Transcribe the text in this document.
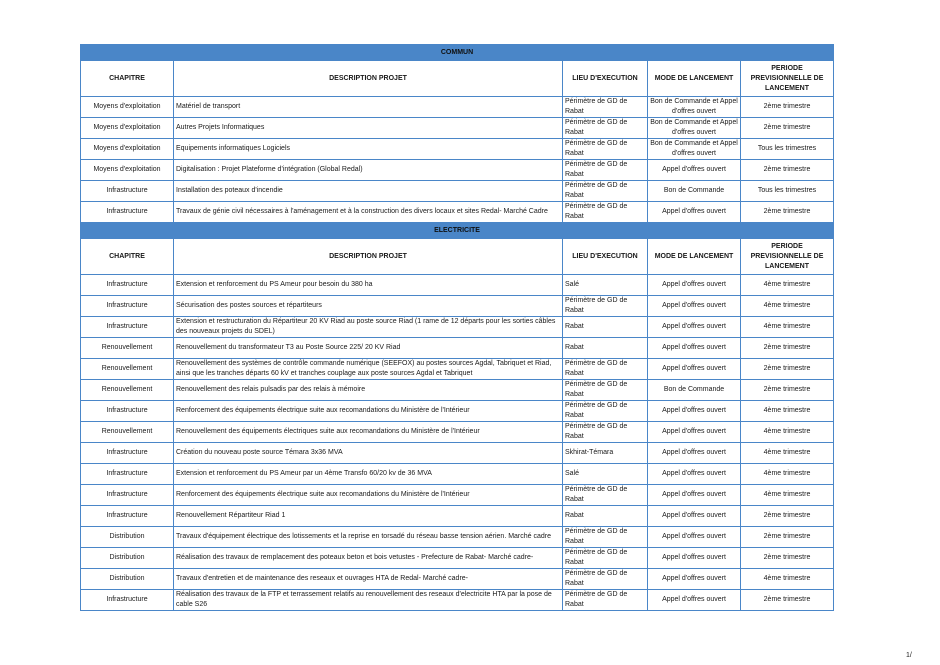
COMMUN				
CHAPITRE	DESCRIPTION PROJET	LIEU D'EXECUTION	MODE DE LANCEMENT	PERIODE PREVISIONNELLE DE LANCEMENT
Moyens d'exploitation	Matériel de transport	Périmètre de GD de Rabat	Bon de Commande et Appel d'offres ouvert	2ème trimestre
Moyens d'exploitation	Autres Projets Informatiques	Périmètre de GD de Rabat	Bon de Commande et Appel d'offres ouvert	2ème trimestre
Moyens d'exploitation	Equipements informatiques Logiciels	Périmètre de GD de Rabat	Bon de Commande et Appel d'offres ouvert	Tous les trimestres
Moyens d'exploitation	Digitalisation : Projet Plateforme d'intégration (Global Redal)	Périmètre de GD de Rabat	Appel d'offres ouvert	2ème trimestre
Infrastructure	Installation des poteaux d'incendie	Périmètre de GD de Rabat	Bon de Commande	Tous les trimestres
Infrastructure	Travaux de génie civil nécessaires à l'aménagement et à la construction des divers locaux et sites Redal- Marché Cadre	Périmètre de GD de Rabat	Appel d'offres ouvert	2ème trimestre
ELECTRICITE				
CHAPITRE	DESCRIPTION PROJET	LIEU D'EXECUTION	MODE DE LANCEMENT	PERIODE PREVISIONNELLE DE LANCEMENT
Infrastructure	Extension et renforcement du PS Ameur pour besoin du 380 ha	Salé	Appel d'offres ouvert	4ème trimestre
Infrastructure	Sécurisation des postes sources et répartiteurs	Périmètre de GD de Rabat	Appel d'offres ouvert	4ème trimestre
Infrastructure	Extension et restructuration du Répartiteur 20 KV Riad au poste source Riad (1 rame de 12 départs pour les sorties câbles des nouveaux projets du SDEL)	Rabat	Appel d'offres ouvert	4ème trimestre
Renouvellement	Renouvellement du transformateur T3 au Poste Source 225/ 20 KV Riad	Rabat	Appel d'offres ouvert	2ème trimestre
Renouvellement	Renouvellement des systèmes de contrôle commande numérique (SEEFOX) au postes sources Agdal, Tabriquet et Riad, ainsi que les tranches départs 60 kV et tranches couplage aux poste sources Agdal et Tabriquet	Périmètre de GD de Rabat	Appel d'offres ouvert	2ème trimestre
Renouvellement	Renouvellement des relais pulsadis par des relais à mémoire	Périmètre de GD de Rabat	Bon de Commande	2ème trimestre
Infrastructure	Renforcement des équipements électrique suite aux recomandations du Ministère de l'Intérieur	Périmètre de GD de Rabat	Appel d'offres ouvert	4ème trimestre
Renouvellement	Renouvellement des équipements électriques suite aux recomandations du Ministère de l'Intérieur	Périmètre de GD de Rabat	Appel d'offres ouvert	4ème trimestre
Infrastructure	Création du nouveau poste source Témara 3x36 MVA	Skhirat-Témara	Appel d'offres ouvert	4ème trimestre
Infrastructure	Extension et renforcement du PS Ameur par un 4ème Transfo 60/20 kv de 36 MVA	Salé	Appel d'offres ouvert	4ème trimestre
Infrastructure	Renforcement des équipements électrique suite aux recomandations du Ministère de l'Intérieur	Périmètre de GD de Rabat	Appel d'offres ouvert	4ème trimestre
Infrastructure	Renouvellement Répartiteur Riad 1	Rabat	Appel d'offres ouvert	2ème trimestre
Distribution	Travaux d'équipement électrique des lotissements et la reprise en torsadé du réseau basse tension aérien. Marché cadre	Périmètre de GD de Rabat	Appel d'offres ouvert	2ème trimestre
Distribution	Réalisation des travaux de remplacement des poteaux beton et bois vetustes - Prefecture de Rabat- Marché cadre-	Périmètre de GD de Rabat	Appel d'offres ouvert	2ème trimestre
Distribution	Travaux d'entretien et de maintenance des reseaux et ouvrages HTA de Redal- Marché cadre-	Périmètre de GD de Rabat	Appel d'offres ouvert	4ème trimestre
Infrastructure	Réalisation des travaux de la FTP et terrassement relatifs au renouvellement des reseaux d'electricite HTA par la pose de cable S26	Périmètre de GD de Rabat	Appel d'offres ouvert	2ème trimestre
1/
